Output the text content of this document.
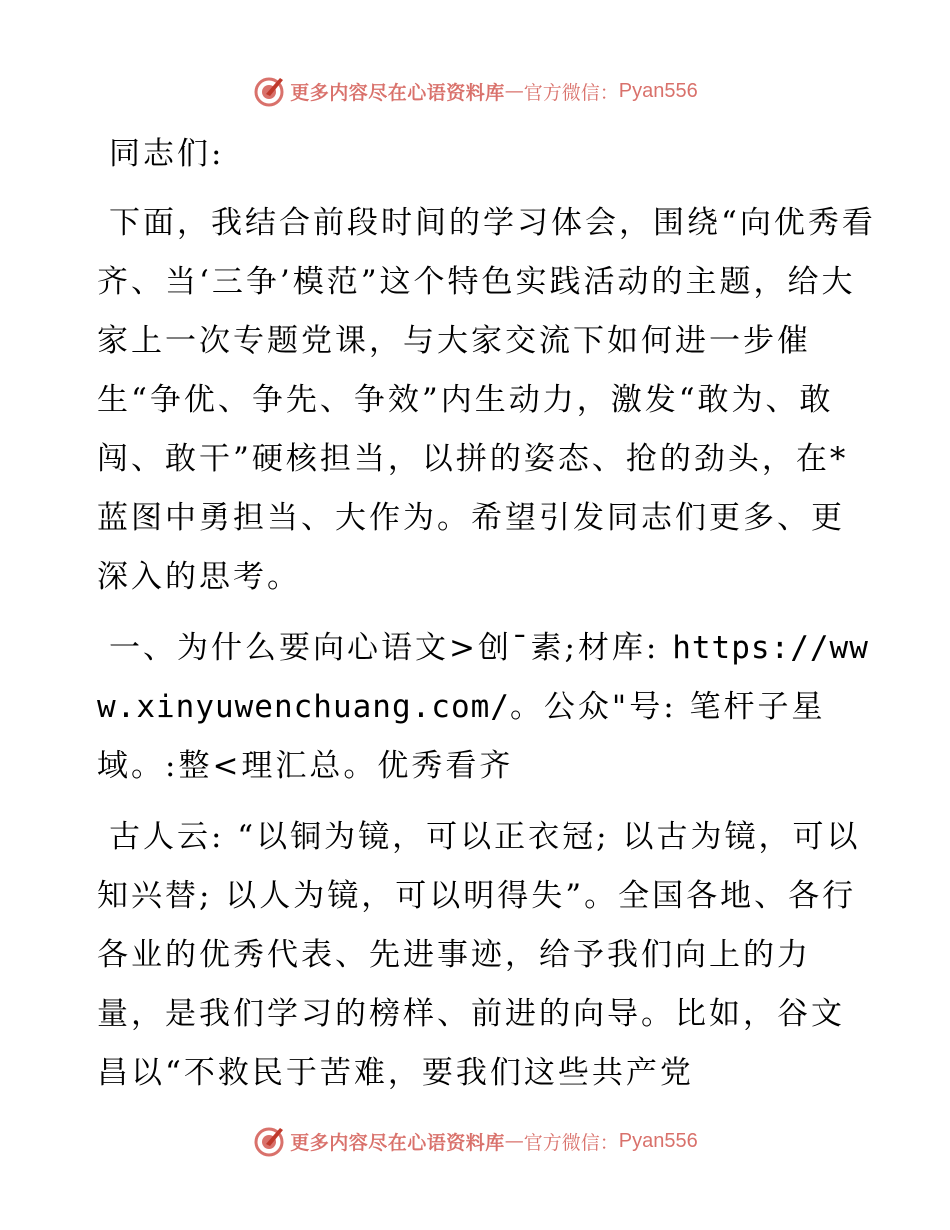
更多内容尽在心语资料库 — 官方微信： Pyan556

同志们:

下面，我结合前段时间的学习体会，围绕“向优秀看齐、当‘三争’模范”这个特色实践活动的主题，给大家上一次专题党课，与大家交流下如何进一步催生“争优、争先、争效”内生动力，激发“敢为、敢闯、敢干”硬核担当，以拼的姿态、抢的劲头，在*蓝图中勇担当、大作为。希望引发同志们更多、更深入的思考。

一、为什么要向心语文>创¯素;材库: https://www.xinyuwenchuang.com/。公众"号: 笔杆子星域。:整<理汇总。优秀看齐

古人云: “以铜为镜，可以正衣冠; 以古为镜，可以知兴替; 以人为镜，可以明得失”。全国各地、各行各业的优秀代表、先进事迹，给予我们向上的力量，是我们学习的榜样、前进的向导。比如，谷文昌以“不救民于苦难，要我们这些共产党

更多内容尽在心语资料库 — 官方微信： Pyan556
